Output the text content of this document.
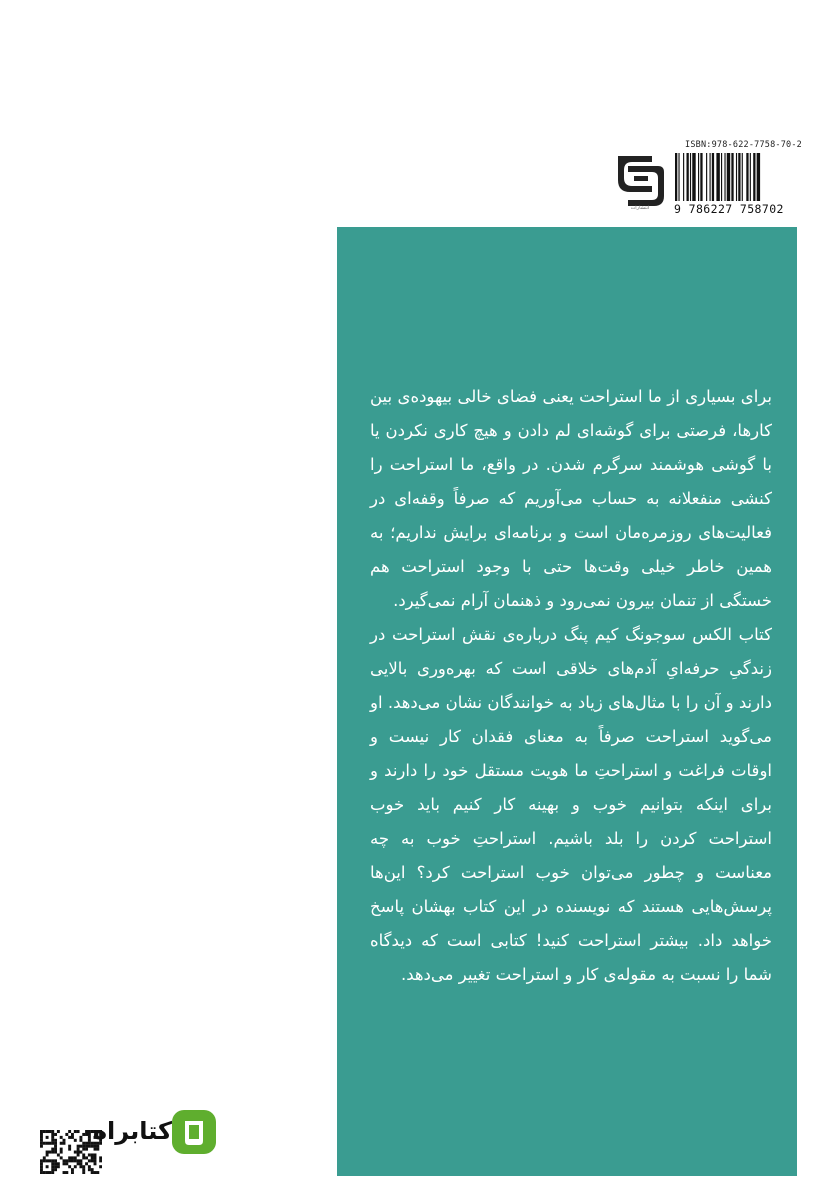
ISBN:978-622-7758-70-2
9 786227 758702
انتشارات

برای بسیاری از ما استراحت یعنی فضای خالی بیهوده‌ی بین کارها، فرصتی برای گوشه‌ای لم دادن و هیچ کاری نکردن یا با گوشی هوشمند سرگرم شدن. در واقع، ما استراحت را کنشی منفعلانه به حساب می‌آوریم که صرفاً وقفه‌ای در فعالیت‌های روزمره‌مان است و برنامه‌ای برایش نداریم؛ به همین خاطر خیلی وقت‌ها حتی با وجود استراحت هم خستگی از تنمان بیرون نمی‌رود و ذهنمان آرام نمی‌گیرد.

کتاب الکس سوجونگ کیم پنگ درباره‌ی نقش استراحت در زندگیِ حرفه‌ایِ آدم‌های خلاقی است که بهره‌وری بالایی دارند و آن را با مثال‌های زیاد به خوانندگان نشان می‌دهد. او می‌گوید استراحت صرفاً به معنای فقدان کار نیست و اوقات فراغت و استراحتِ ما هویت مستقل خود را دارند و برای اینکه بتوانیم خوب و بهینه کار کنیم باید خوب استراحت کردن را بلد باشیم. استراحتِ خوب به چه معناست و چطور می‌توان خوب استراحت کرد؟ این‌ها پرسش‌هایی هستند که نویسنده در این کتاب بهشان پاسخ خواهد داد. بیشتر استراحت کنید! کتابی است که دیدگاه شما را نسبت به مقوله‌ی کار و استراحت تغییر می‌دهد.

کتابراه
